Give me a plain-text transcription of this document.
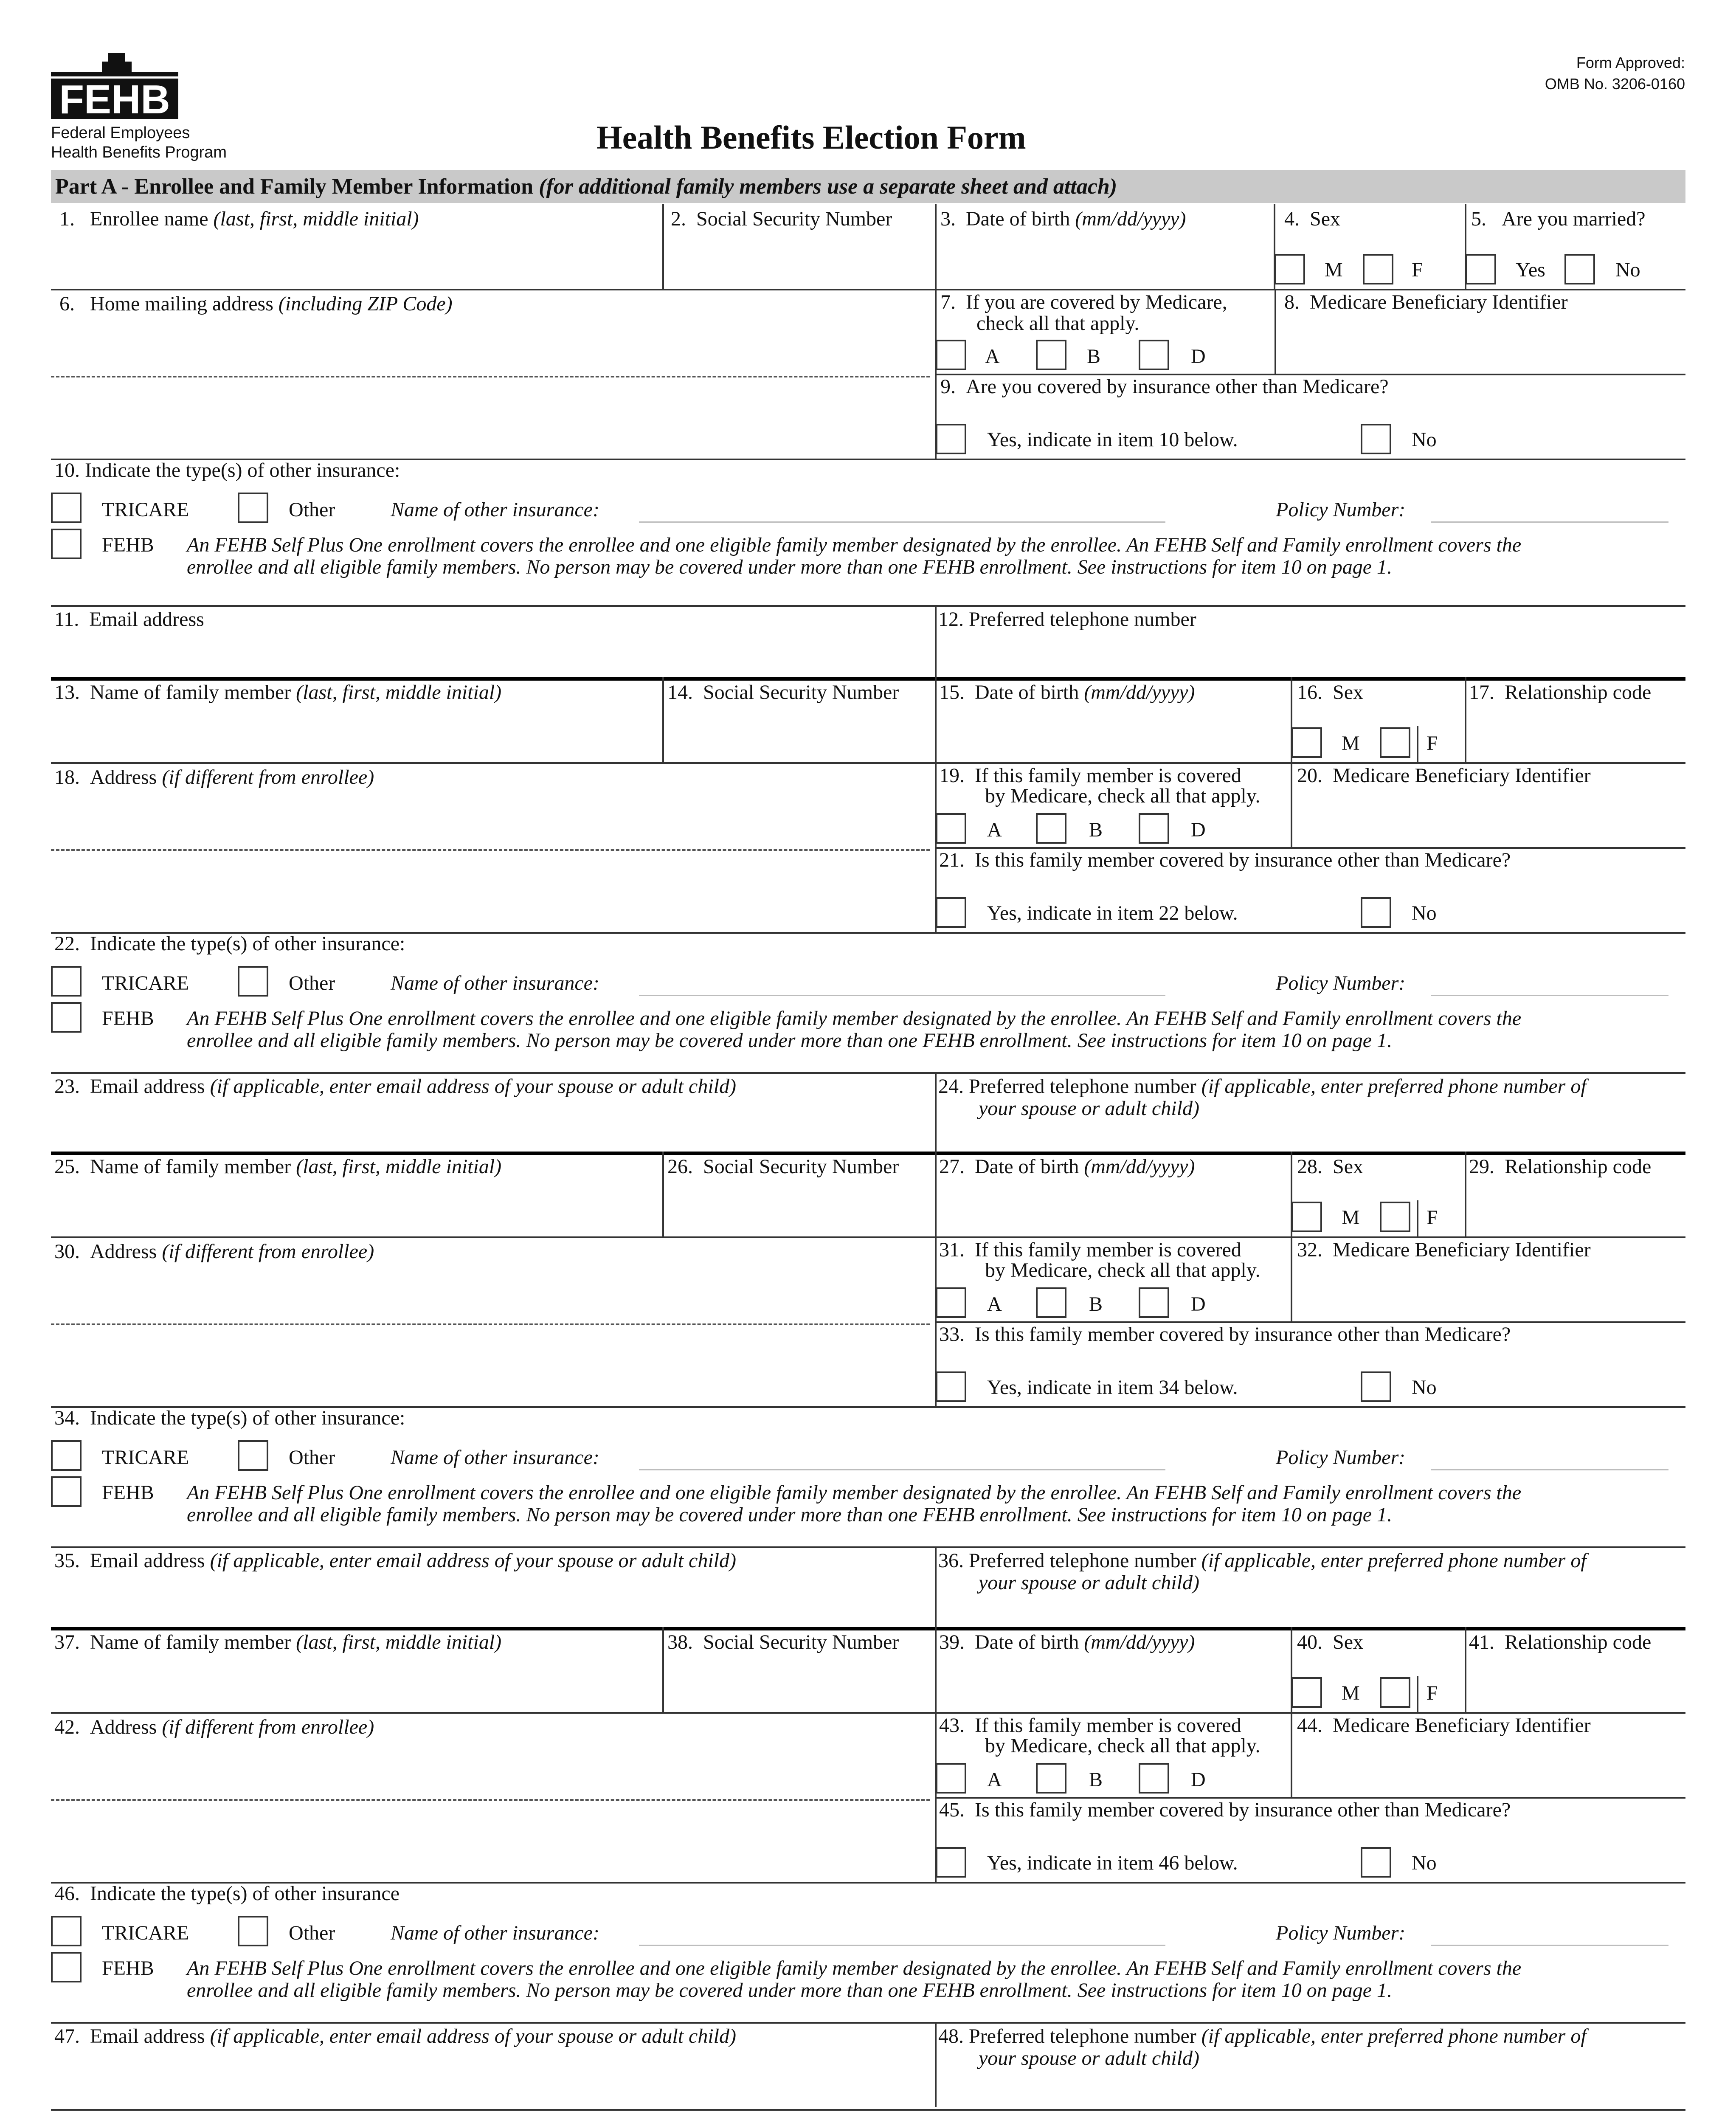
FEHB
Federal Employees
Health Benefits Program	Health Benefits Election Form
Form Approved:
OMB No. 3206-0160
Part A - Enrollee and Family Member Information (for additional family members use a separate sheet and attach)
1. Enrollee name (last, first, middle initial)	2. Social Security Number 3. Date of birth (mm/dd/yyyy)	4. Sex	5. Are you married?
M	F	Yes	No
6. Home mailing address (including ZIP Code)	7. If you are covered by Medicare,
check all that apply.
A	B	D
8. Medicare Beneficiary Identifier
9. Are you covered by insurance other than Medicare?
Yes, indicate in item 10 below.	No
10. Indicate the type(s) of other insurance:
TRICARE	Other	Name of other insurance:	Policy Number:
FEHB An FEHB Self Plus One enrollment covers the enrollee and one eligible family member designated by the enrollee. An FEHB Self and Family enrollment covers the
enrollee and all eligible family members. No person may be covered under more than one FEHB enrollment. See instructions for item 10 on page 1.
11. Email address	12. Preferred telephone number
13. Name of family member (last, first, middle initial)	14. Social Security Number 15. Date of birth (mm/dd/yyyy)	16. Sex	17. Relationship code
M	F
18. Address (if different from enrollee)	19. If this family member is covered
by Medicare, check all that apply.
A	B	D
20. Medicare Beneficiary Identifier
21. Is this family member covered by insurance other than Medicare?
Yes, indicate in item 22 below.	No
22. Indicate the type(s) of other insurance:
TRICARE	Other	Name of other insurance:	Policy Number:
FEHB An FEHB Self Plus One enrollment covers the enrollee and one eligible family member designated by the enrollee. An FEHB Self and Family enrollment covers the
enrollee and all eligible family members. No person may be covered under more than one FEHB enrollment. See instructions for item 10 on page 1.
23. Email address (if applicable, enter email address of your spouse or adult child)	24. Preferred telephone number (if applicable, enter preferred phone number of
your spouse or adult child)
25. Name of family member (last, first, middle initial)	26. Social Security Number 27. Date of birth (mm/dd/yyyy)	28. Sex	29. Relationship code
M	F
30. Address (if different from enrollee)	31. If this family member is covered
by Medicare, check all that apply.
A	B	D
32. Medicare Beneficiary Identifier
33. Is this family member covered by insurance other than Medicare?
Yes, indicate in item 34 below.	No
34. Indicate the type(s) of other insurance:
TRICARE	Other	Name of other insurance:	Policy Number:
FEHB An FEHB Self Plus One enrollment covers the enrollee and one eligible family member designated by the enrollee. An FEHB Self and Family enrollment covers the
enrollee and all eligible family members. No person may be covered under more than one FEHB enrollment. See instructions for item 10 on page 1.
35. Email address (if applicable, enter email address of your spouse or adult child)	36. Preferred telephone number (if applicable, enter preferred phone number of
your spouse or adult child)
37. Name of family member (last, first, middle initial)	38. Social Security Number 39. Date of birth (mm/dd/yyyy)	40. Sex	41. Relationship code
M	F
42. Address (if different from enrollee)	43. If this family member is covered
by Medicare, check all that apply.
A	B	D
44. Medicare Beneficiary Identifier
45. Is this family member covered by insurance other than Medicare?
Yes, indicate in item 46 below.	No
46. Indicate the type(s) of other insurance
TRICARE	Other	Name of other insurance:	Policy Number:
FEHB An FEHB Self Plus One enrollment covers the enrollee and one eligible family member designated by the enrollee. An FEHB Self and Family enrollment covers the
enrollee and all eligible family members. No person may be covered under more than one FEHB enrollment. See instructions for item 10 on page 1.
47. Email address (if applicable, enter email address of your spouse or adult child)	48. Preferred telephone number (if applicable, enter preferred phone number of
your spouse or adult child)
